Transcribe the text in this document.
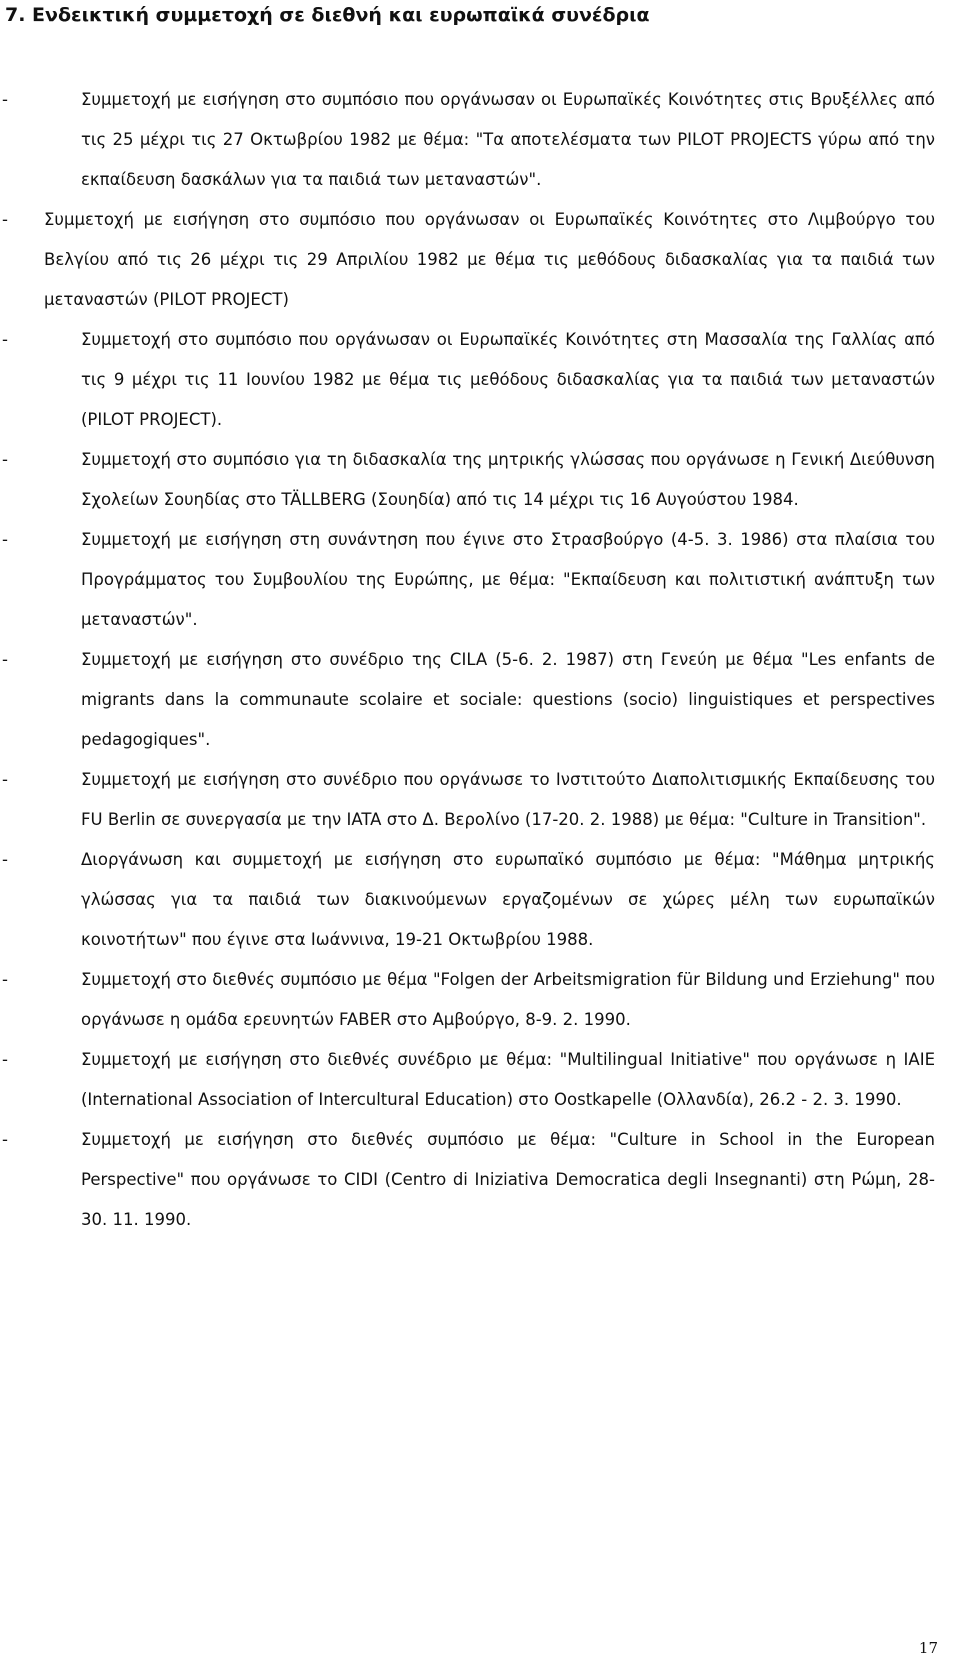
7. Ενδεικτική συμμετοχή σε διεθνή και ευρωπαϊκά συνέδρια
-	Συμμετοχή με εισήγηση στο συμπόσιο που οργάνωσαν οι Ευρωπαϊκές Κοινότητες στις Βρυξέλλες από τις 25 μέχρι τις 27 Οκτωβρίου 1982 με θέμα: "Τα αποτελέσματα των PILOT PROJECTS γύρω από την εκπαίδευση δασκάλων για τα παιδιά των μεταναστών".
- Συμμετοχή με εισήγηση στο συμπόσιο που οργάνωσαν οι Ευρωπαϊκές Κοινότητες στο Λιμβούργο του Βελγίου από τις 26 μέχρι τις 29 Απριλίου 1982 με θέμα τις μεθόδους διδασκαλίας για τα παιδιά των μεταναστών (PILOT PROJECT)
-	Συμμετοχή στο συμπόσιο που οργάνωσαν οι Ευρωπαϊκές Κοινότητες στη Μασσαλία της Γαλλίας από τις 9 μέχρι τις 11 Ιουνίου 1982 με θέμα τις μεθόδους διδασκαλίας για τα παιδιά των μεταναστών (PILOT PROJECT).
-	Συμμετοχή στο συμπόσιο για τη διδασκαλία της μητρικής γλώσσας που οργάνωσε η Γενική Διεύθυνση Σχολείων Σουηδίας στο TÄLLBERG (Σουηδία) από τις 14 μέχρι τις 16 Αυγούστου 1984.
-	Συμμετοχή με εισήγηση στη συνάντηση που έγινε στο Στρασβούργο (4-5. 3. 1986) στα πλαίσια του Προγράμματος του Συμβουλίου της Ευρώπης, με θέμα: "Εκπαίδευση και πολιτιστική ανάπτυξη των μεταναστών".
-	Συμμετοχή με εισήγηση στο συνέδριο της CILA (5-6. 2. 1987) στη Γενεύη με θέμα "Les enfants de migrants dans la communaute scolaire et sociale: questions (socio) linguistiques et perspectives pedagogiques".
-	Συμμετοχή με εισήγηση στο συνέδριο που οργάνωσε το Ινστιτούτο Διαπολιτισμικής Εκπαίδευσης του FU Berlin σε συνεργασία με την IATA στο Δ. Βερολίνο (17-20. 2. 1988) με θέμα: "Culture in Transition".
-	Διοργάνωση και συμμετοχή με εισήγηση στο ευρωπαϊκό συμπόσιο με θέμα: "Μάθημα μητρικής γλώσσας για τα παιδιά των διακινούμενων εργαζομένων σε χώρες μέλη των ευρωπαϊκών κοινοτήτων" που έγινε στα Ιωάννινα, 19-21 Οκτωβρίου 1988.
-	Συμμετοχή στο διεθνές συμπόσιο με θέμα "Folgen der Arbeitsmigration für Bildung und Erziehung" που οργάνωσε η ομάδα ερευνητών FABER στο Αμβούργο, 8-9. 2. 1990.
-	Συμμετοχή με εισήγηση στο διεθνές συνέδριο με θέμα: "Multilingual Initiative" που οργάνωσε η IAIE (International Association of Intercultural Education) στο Oostkapelle (Ολλανδία), 26.2 - 2. 3. 1990.
-	Συμμετοχή με εισήγηση στο διεθνές συμπόσιο με θέμα: "Culture in School in the European Perspective" που οργάνωσε το CIDI (Centro di Iniziativa Democratica degli Insegnanti) στη Ρώμη, 28-30. 11. 1990.
17
